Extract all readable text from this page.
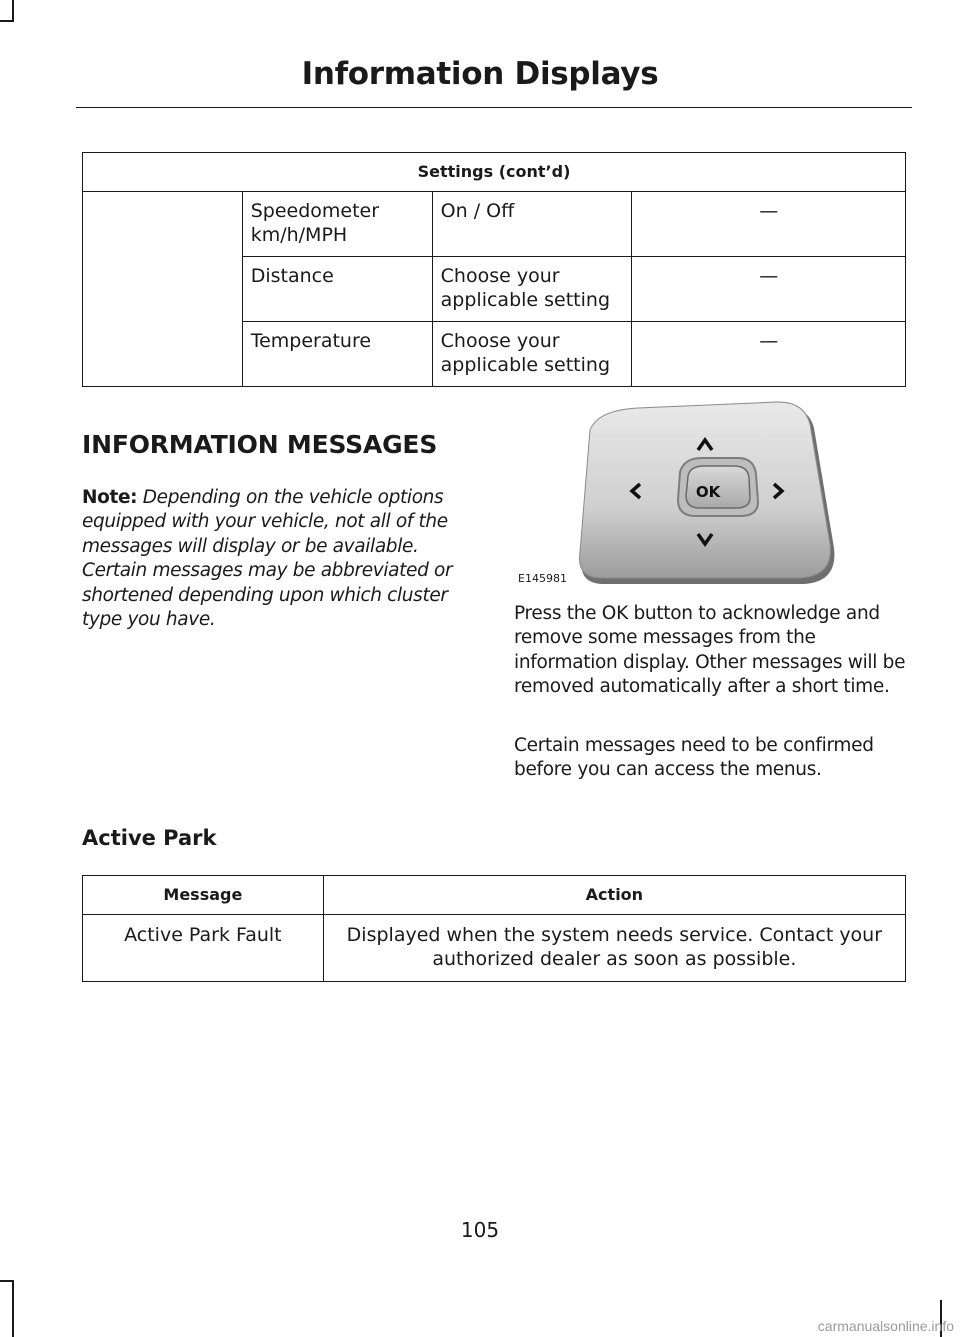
Information Displays
Settings (cont’d)			
	Speedometer km/h/MPH	On / Off	—
	Distance	Choose your applicable setting	—
	Temperature	Choose your applicable setting	—
INFORMATION MESSAGES
Note: Depending on the vehicle options equipped with your vehicle, not all of the messages will display or be available. Certain messages may be abbreviated or shortened depending upon which cluster type you have.
OK
E145981

Press the OK button to acknowledge and remove some messages from the information display. Other messages will be removed automatically after a short time.

Certain messages need to be confirmed before you can access the menus.

Active Park
Message	Action
Active Park Fault	Displayed when the system needs service. Contact your authorized dealer as soon as possible.
105
carmanualsonline.info
